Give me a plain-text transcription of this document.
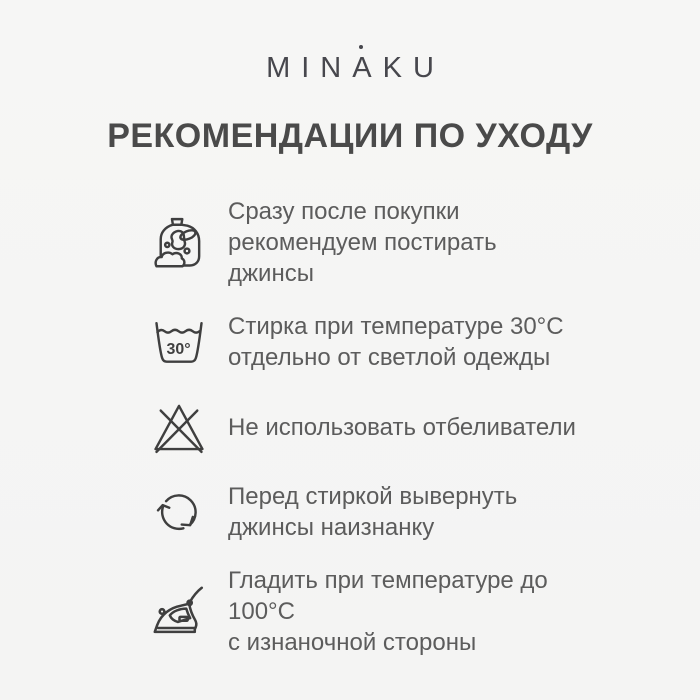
MIN
AKU
РЕКОМЕНДАЦИИ ПО УХОДУ
Сразу после покупки
рекомендуем постирать
джинсы
30°
Стирка при температуре 30°С
отдельно от светлой одежды
Не использовать отбеливатели
Перед стиркой вывернуть
джинсы наизнанку
Гладить при температуре до 100°С
с изнаночной стороны
